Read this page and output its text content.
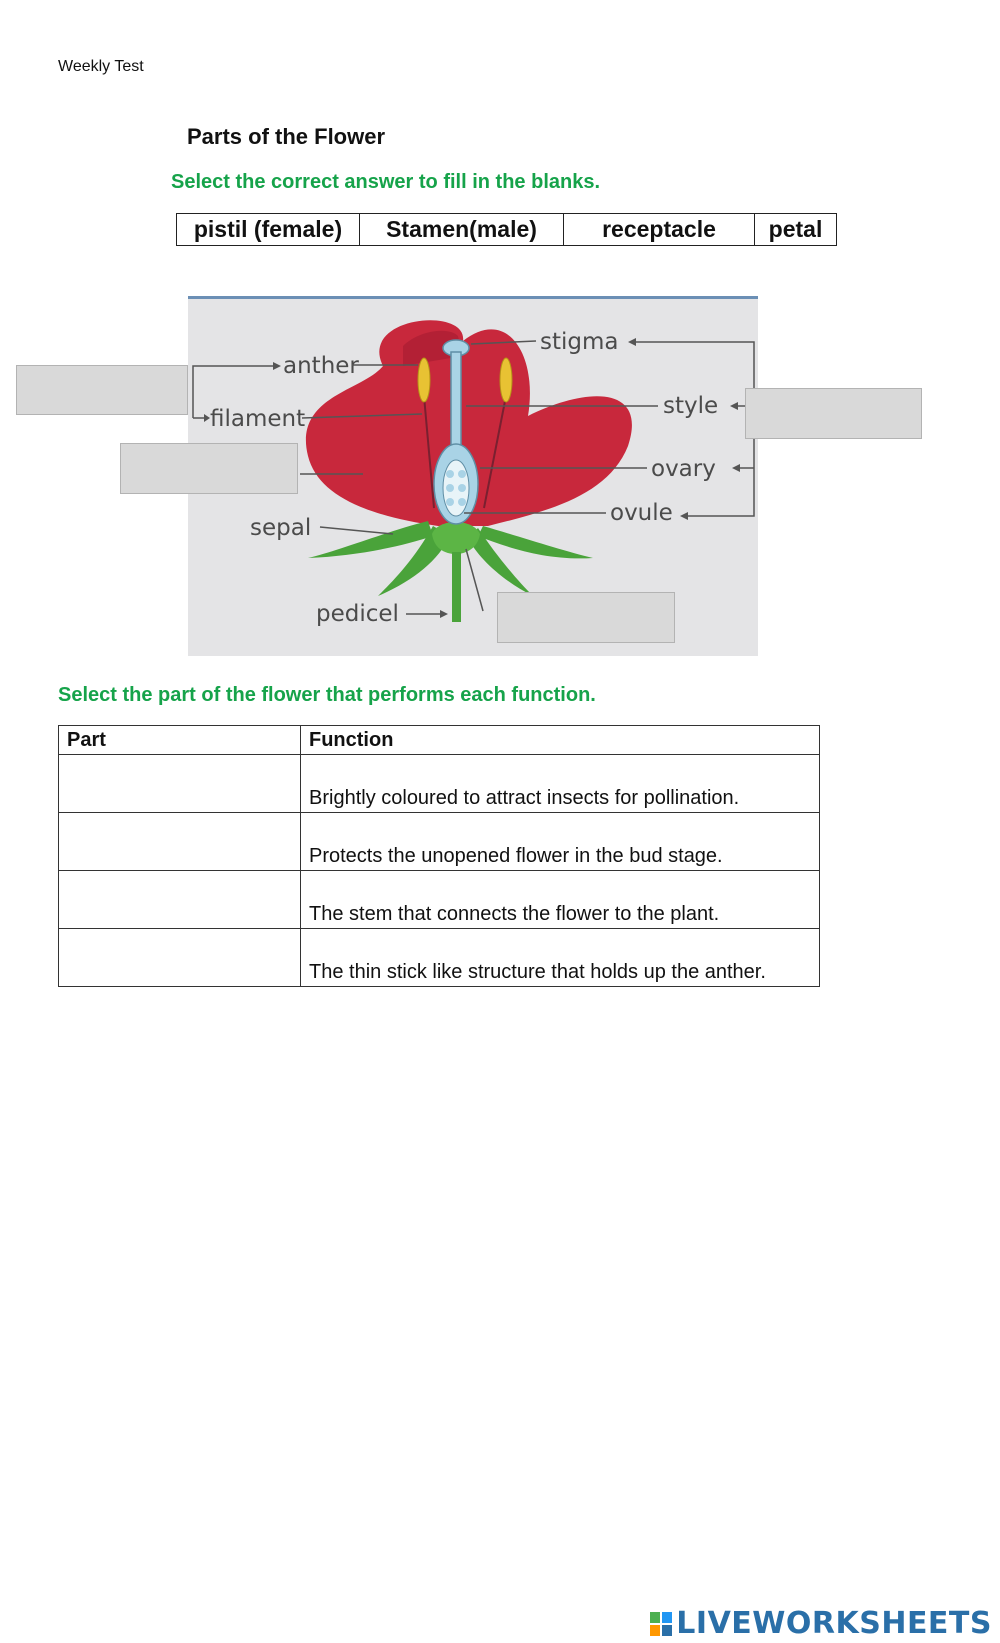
Weekly Test
Parts of the Flower
Select the correct answer to fill in the blanks.
pistil (female)	Stamen(male)	receptacle	petal
anther
filament
sepal
pedicel
stigma
style
ovary
ovule
Select the part of the flower that performs each function.
Part	Function
	Brightly coloured to attract insects for pollination.
	Protects the unopened flower in the bud stage.
	The stem that connects the flower to the plant.
	The thin stick like structure that holds up the anther.
LIVEWORKSHEETS
